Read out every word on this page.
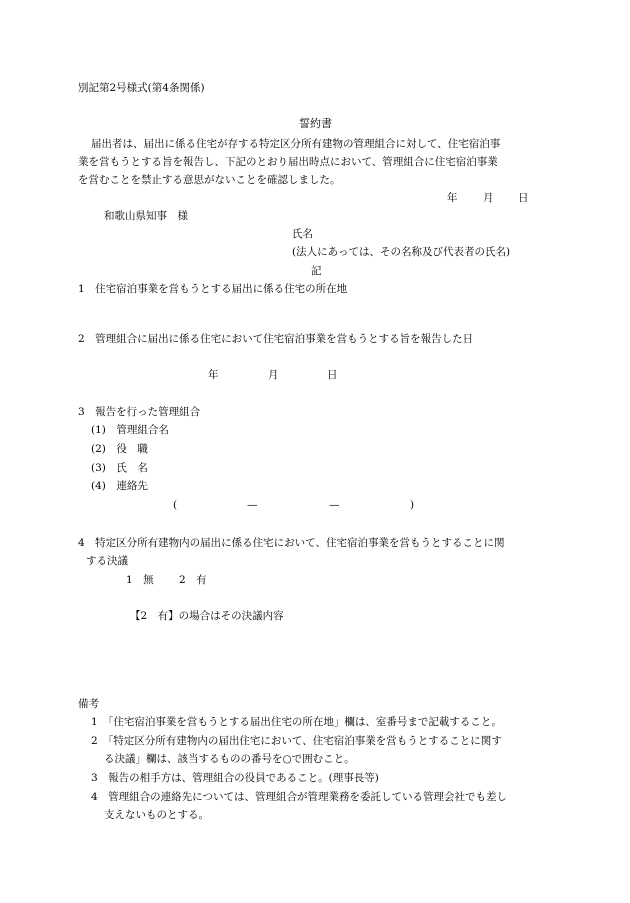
別記第2号様式(第4条関係)

誓約書

届出者は、届出に係る住宅が存する特定区分所有建物の管理組合に対して、住宅宿泊事

業を営もうとする旨を報告し、下記のとおり届出時点において、管理組合に住宅宿泊事業

を営むことを禁止する意思がないことを確認しました。

年 月 日

和歌山県知事　様

氏名

(法人にあっては、その名称及び代表者の氏名)

記

1　住宅宿泊事業を営もうとする届出に係る住宅の所在地

2　管理組合に届出に係る住宅において住宅宿泊事業を営もうとする旨を報告した日

年	月	日

3　報告を行った管理組合

(1)　管理組合名

(2)　役　職

(3)　氏　名

(4)　連絡先

(	—	—	)

4　特定区分所有建物内の届出に係る住宅において、住宅宿泊事業を営もうとすることに関

する決議

1　無 2　有

【2　有】の場合はその決議内容

備考

1　「住宅宿泊事業を営もうとする届出住宅の所在地」欄は、室番号まで記載すること。

2　「特定区分所有建物内の届出住宅において、住宅宿泊事業を営もうとすることに関す

る決議」欄は、該当するものの番号を○で囲むこと。

3　報告の相手方は、管理組合の役員であること。(理事長等)

4　管理組合の連絡先については、管理組合が管理業務を委託している管理会社でも差し

支えないものとする。
